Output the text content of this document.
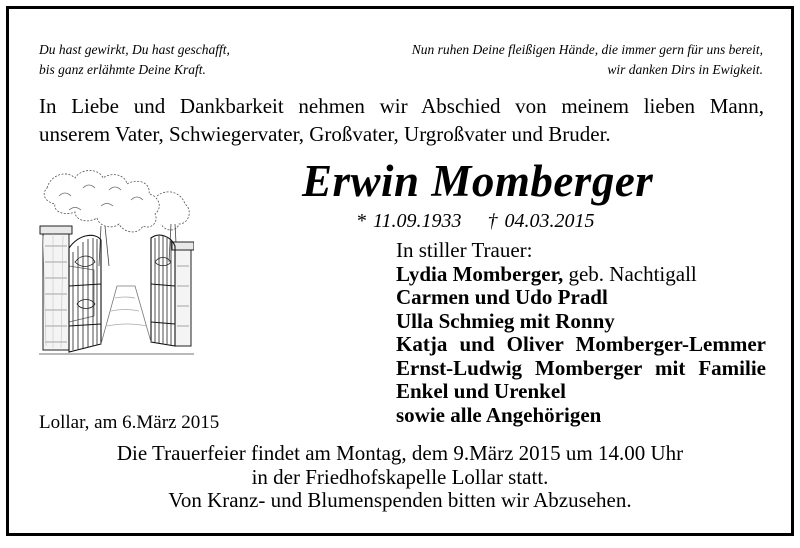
Du hast gewirkt, Du hast geschafft,
bis ganz erlähmte Deine Kraft.
Nun ruhen Deine fleißigen Hände, die immer gern für uns bereit,
wir danken Dirs in Ewigkeit.
In Liebe und Dankbarkeit nehmen wir Abschied von meinem lieben Mann,
unserem Vater, Schwiegervater, Großvater, Urgroßvater und Bruder.
Erwin Momberger
* 11.09.1933 † 04.03.2015
In stiller Trauer:
Lydia Momberger, geb. Nachtigall
Carmen und Udo Pradl
Ulla Schmieg mit Ronny
Katja und Oliver Momberger-Lemmer
Ernst-Ludwig Momberger mit Familie
Enkel und Urenkel
sowie alle Angehörigen
Lollar, am 6.März 2015
Die Trauerfeier findet am Montag, dem 9.März 2015 um 14.00 Uhr
in der Friedhofskapelle Lollar statt.
Von Kranz- und Blumenspenden bitten wir Abzusehen.
